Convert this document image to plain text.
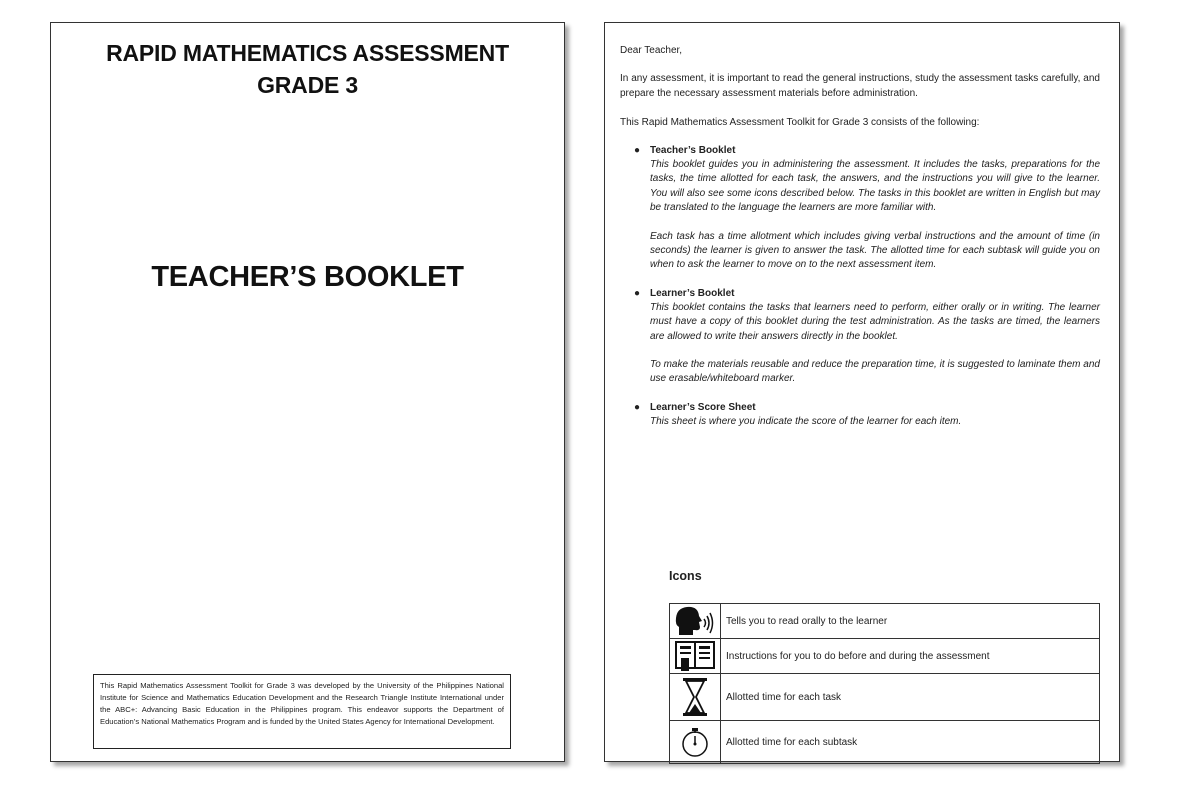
RAPID MATHEMATICS ASSESSMENT
GRADE 3
TEACHER’S BOOKLET
This Rapid Mathematics Assessment Toolkit for Grade 3 was developed by the University of the Philippines National Institute for Science and Mathematics Education Development and the Research Triangle Institute International under the ABC+: Advancing Basic Education in the Philippines program. This endeavor supports the Department of Education’s National Mathematics Program and is funded by the United States Agency for International Development.

Dear Teacher,

In any assessment, it is important to read the general instructions, study the assessment tasks carefully, and prepare the necessary assessment materials before administration.

This Rapid Mathematics Assessment Toolkit for Grade 3 consists of the following:

● Teacher’s Booklet
This booklet guides you in administering the assessment. It includes the tasks, preparations for the tasks, the time allotted for each task, the answers, and the instructions you will give to the learner. You will also see some icons described below. The tasks in this booklet are written in English but may be translated to the language the learners are more familiar with.
Each task has a time allotment which includes giving verbal instructions and the amount of time (in seconds) the learner is given to answer the task. The allotted time for each subtask will guide you on when to ask the learner to move on to the next assessment item.
● Learner’s Booklet
This booklet contains the tasks that learners need to perform, either orally or in writing. The learner must have a copy of this booklet during the test administration. As the tasks are timed, the learners are allowed to write their answers directly in the booklet.
To make the materials reusable and reduce the preparation time, it is suggested to laminate them and use erasable/whiteboard marker.
● Learner’s Score Sheet
This sheet is where you indicate the score of the learner for each item.
Icons
	Tells you to read orally to the learner

	Instructions for you to do before and during the assessment

	Allotted time for each task

	Allotted time for each subtask
